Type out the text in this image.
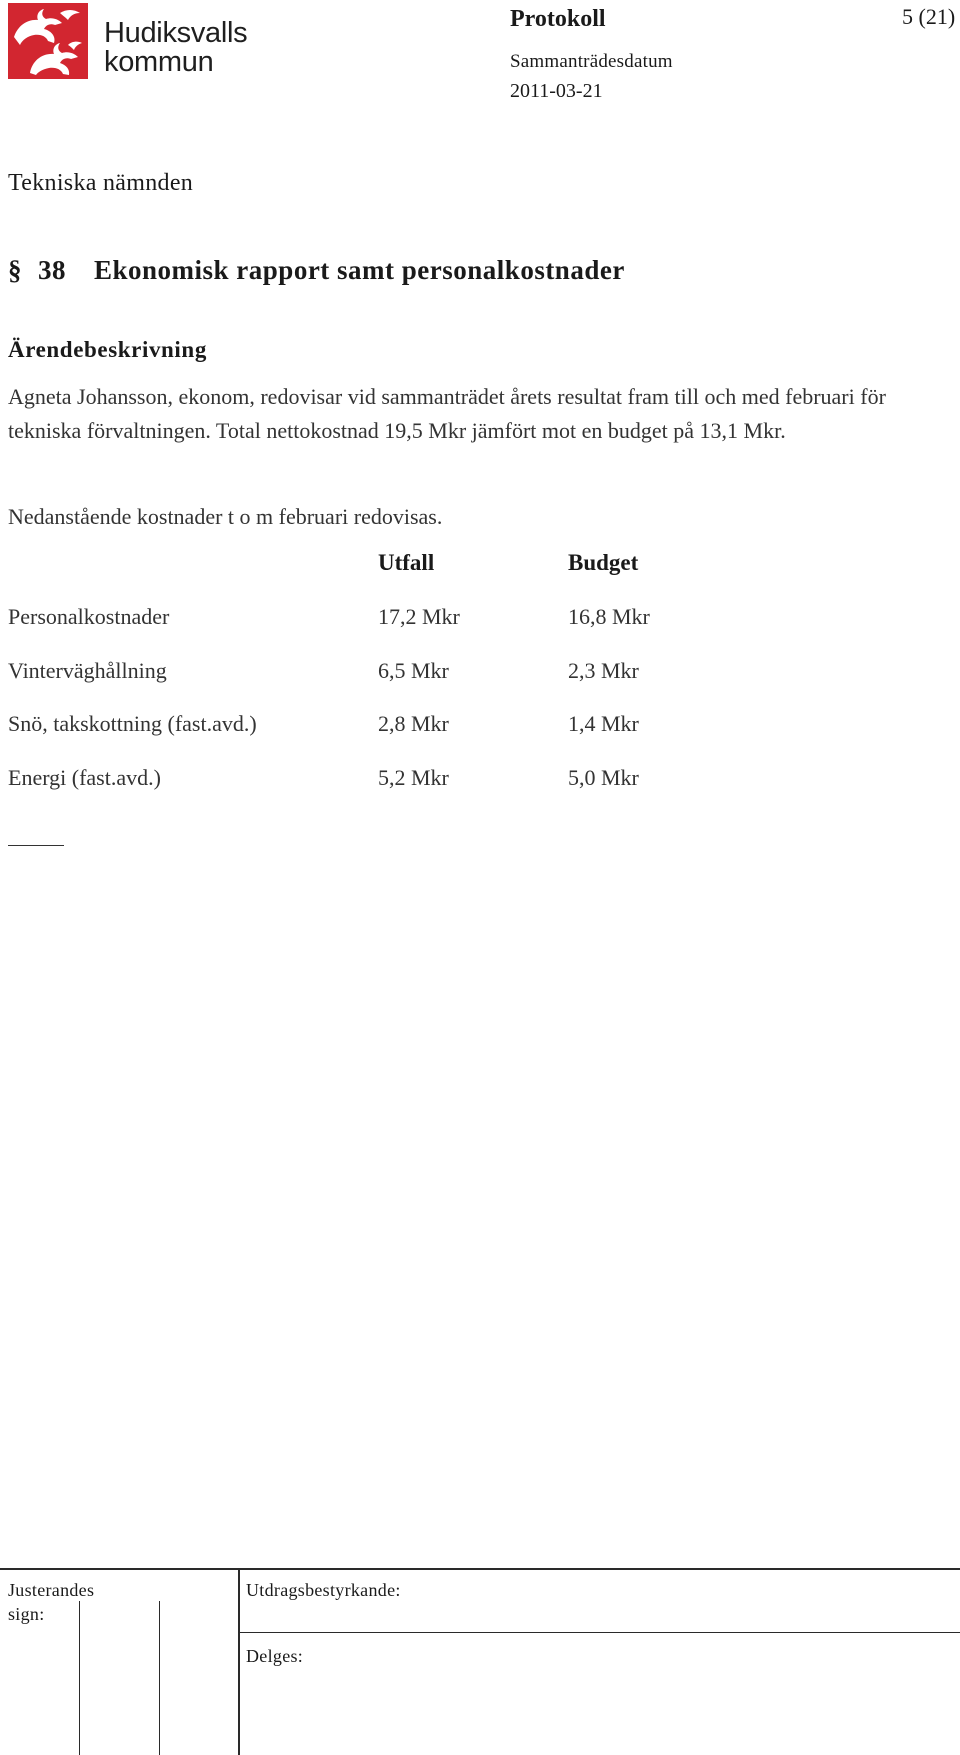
Hudiksvalls
kommun
Protokoll	5 (21)
Sammanträdesdatum
2011-03-21
Tekniska nämnden
§ 38 Ekonomisk rapport samt personalkostnader
Ärendebeskrivning
Agneta Johansson, ekonom, redovisar vid sammanträdet årets resultat fram till och med februari för tekniska förvaltningen. Total nettokostnad 19,5 Mkr jämfört mot en budget på 13,1 Mkr.
Nedanstående kostnader t o m februari redovisas.
Utfall	Budget
Personalkostnader	17,2 Mkr	16,8 Mkr
Vinterväghållning	6,5 Mkr	2,3 Mkr
Snö, takskottning (fast.avd.)	2,8 Mkr	1,4 Mkr
Energi (fast.avd.)	5,2 Mkr	5,0 Mkr
Justerandes sign:
Utdragsbestyrkande:
Delges:
